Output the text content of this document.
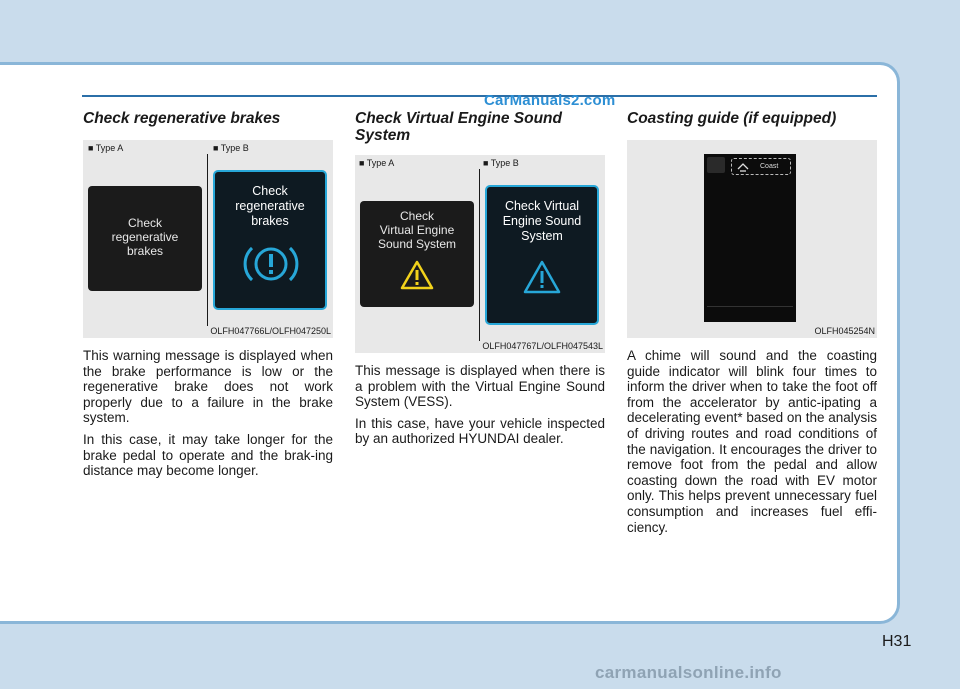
CarManuals2.com

Check regenerative brakes

■ Type A	■ Type B
Check
regenerative
brakes
Check
regenerative
brakes
OLFH047766L/OLFH047250L

This warning message is displayed when the brake performance is low or the regenerative brake does not work properly due to a failure in the brake system.

In this case, it may take longer for the brake pedal to operate and the brak-ing distance may become longer.

Check Virtual Engine Sound System

■ Type A	■ Type B
Check
Virtual Engine
Sound System
Check Virtual
Engine Sound
System
OLFH047767L/OLFH047543L

This message is displayed when there is a problem with the Virtual Engine Sound System (VESS).

In this case, have your vehicle inspected by an authorized HYUNDAI dealer.

Coasting guide (if equipped)

Coast
OLFH045254N

A chime will sound and the coasting guide indicator will blink four times to inform the driver when to take the foot off from the accelerator by antic-ipating a decelerating event* based on the analysis of driving routes and road conditions of the navigation. It encourages the driver to remove foot from the pedal and allow coasting down the road with EV motor only. This helps prevent unnecessary fuel consumption and increases fuel effi-ciency.

H31
carmanualsonline.info
